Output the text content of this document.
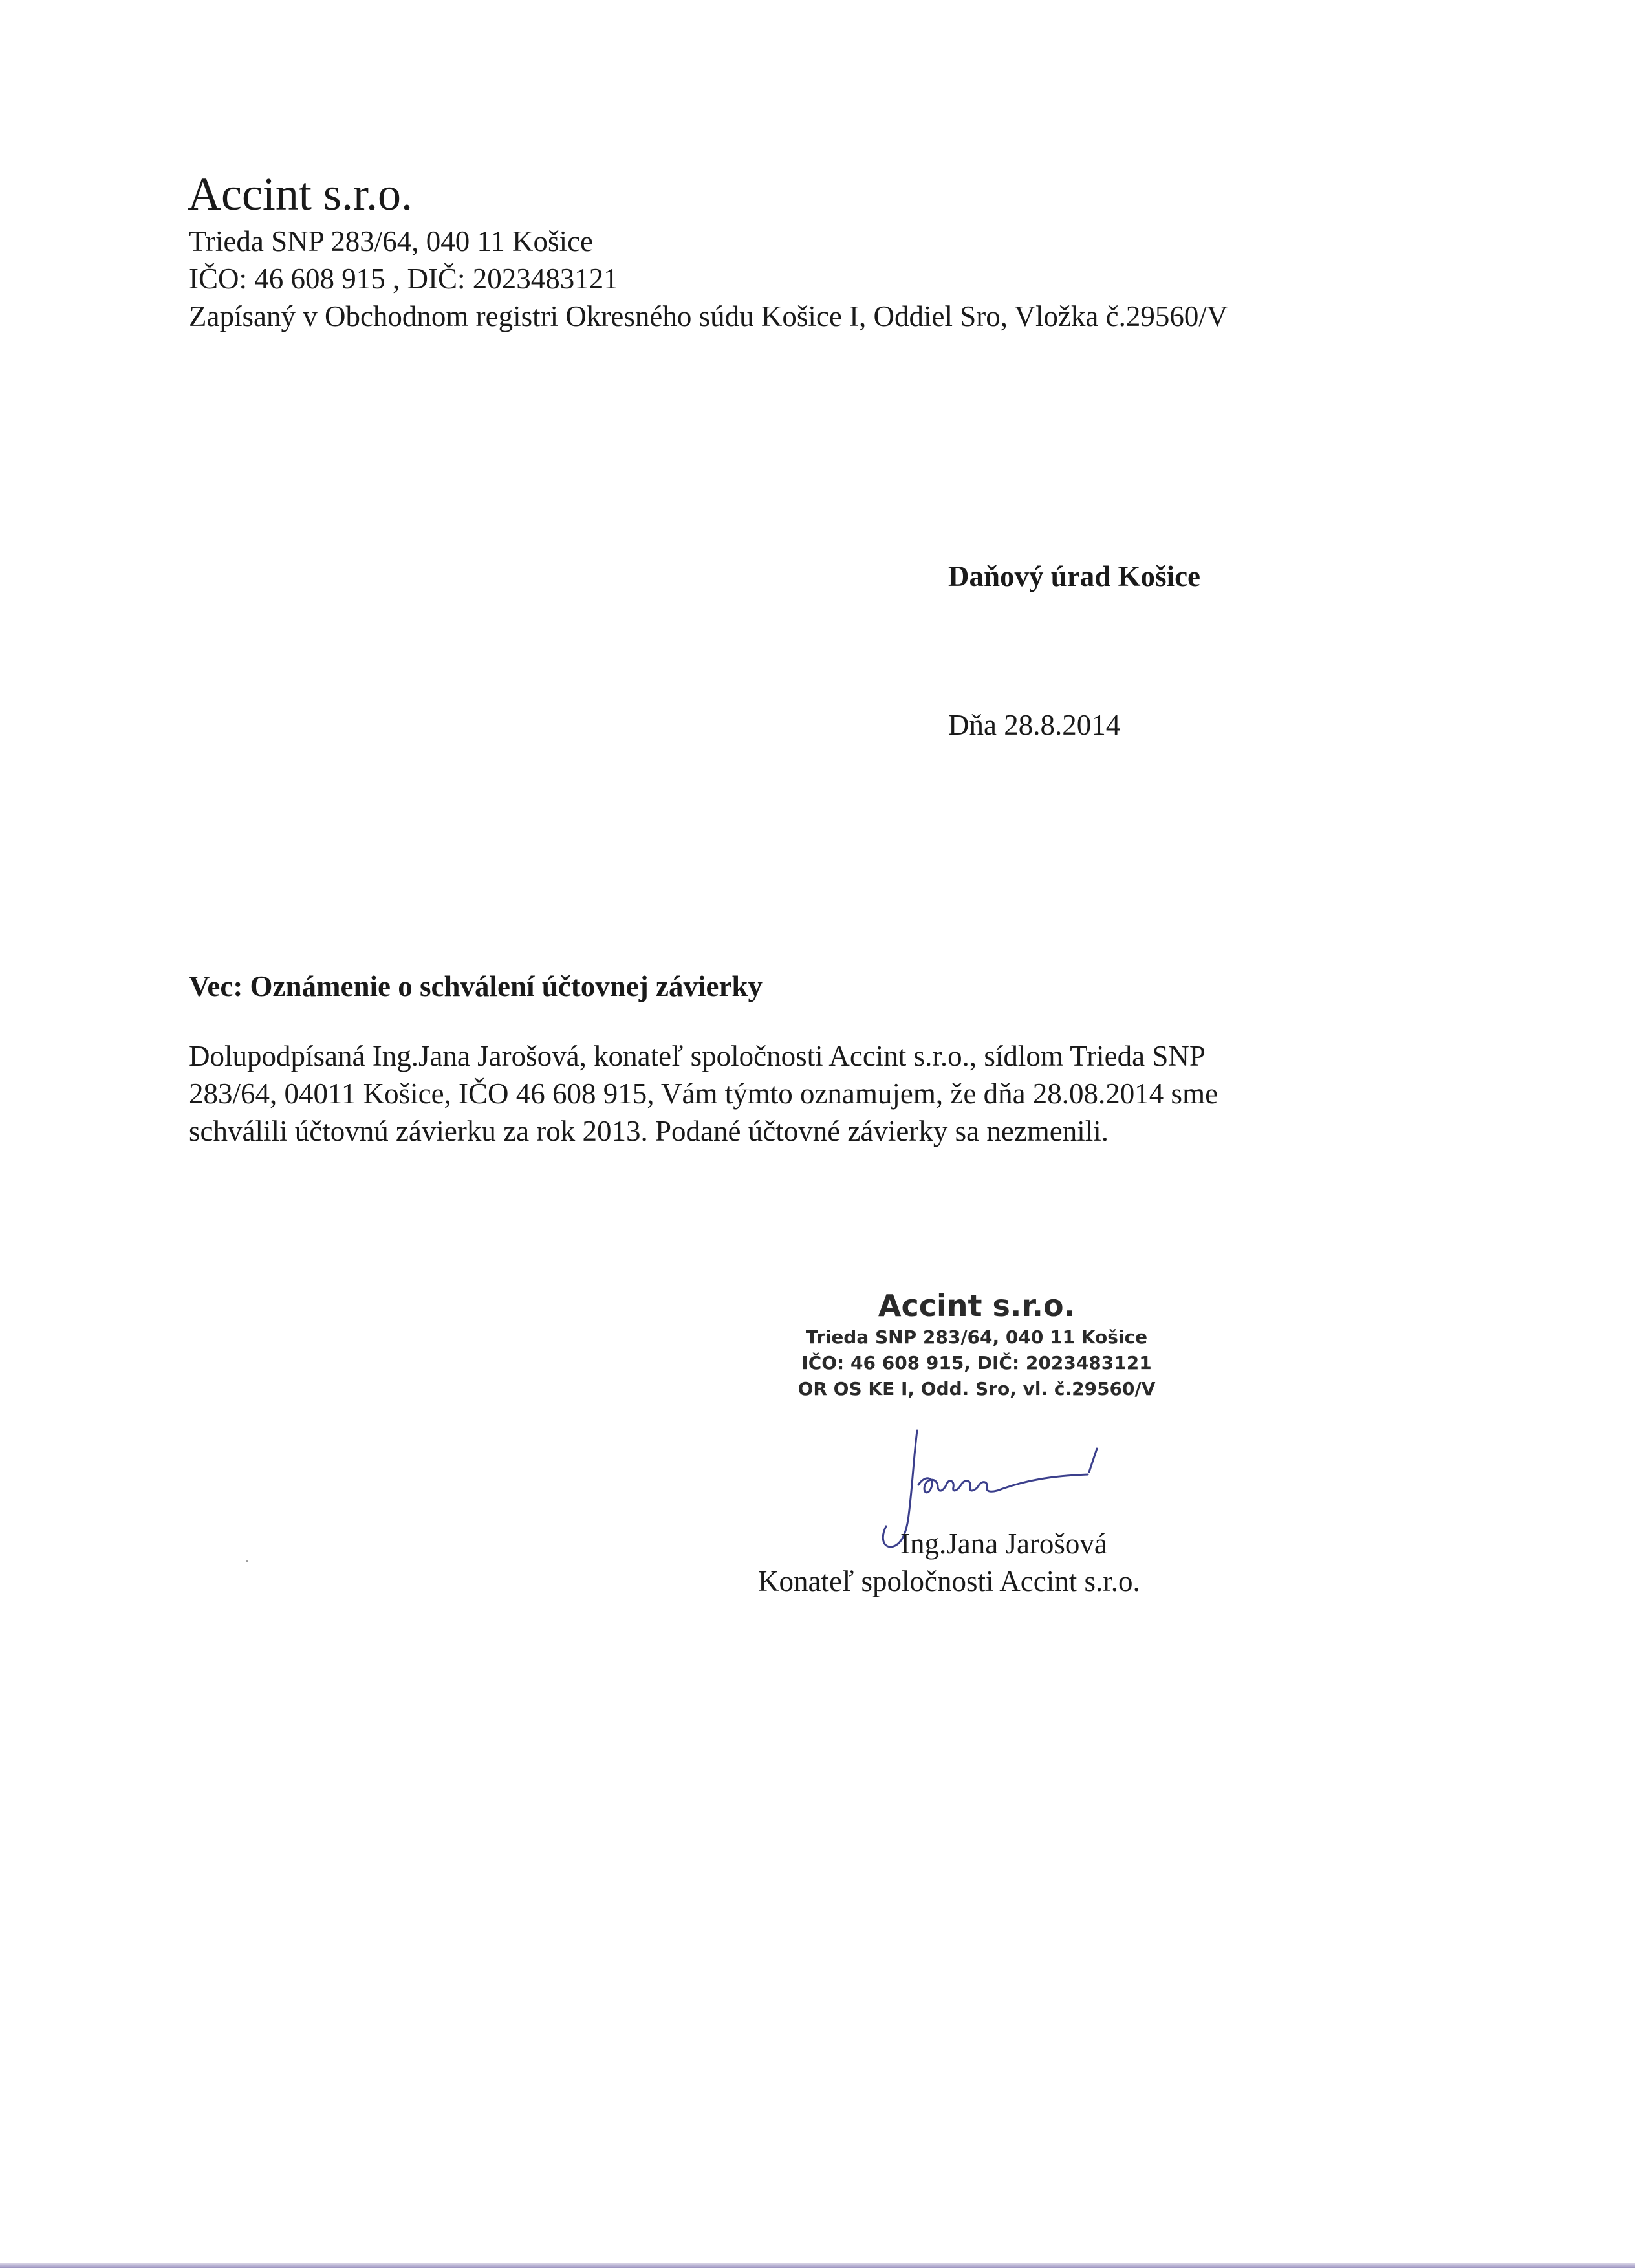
Accint s.r.o.
Trieda SNP 283/64, 040 11 Košice
IČO: 46 608 915 , DIČ: 2023483121
Zapísaný v Obchodnom registri Okresného súdu Košice I, Oddiel Sro, Vložka č.29560/V
Daňový úrad Košice
Dňa 28.8.2014
Vec: Oznámenie o schválení účtovnej závierky
Dolupodpísaná Ing.Jana Jarošová, konateľ spoločnosti Accint s.r.o., sídlom Trieda SNP
283/64, 04011 Košice, IČO 46 608 915, Vám týmto oznamujem, že dňa 28.08.2014 sme
schválili účtovnú závierku za rok 2013. Podané účtovné závierky sa nezmenili.
Accint s.r.o.
Trieda SNP 283/64, 040 11 Košice
IČO: 46 608 915, DIČ: 2023483121
OR OS KE I, Odd. Sro, vl. č.29560/V
Ing.Jana Jarošová
Konateľ spoločnosti Accint s.r.o.
